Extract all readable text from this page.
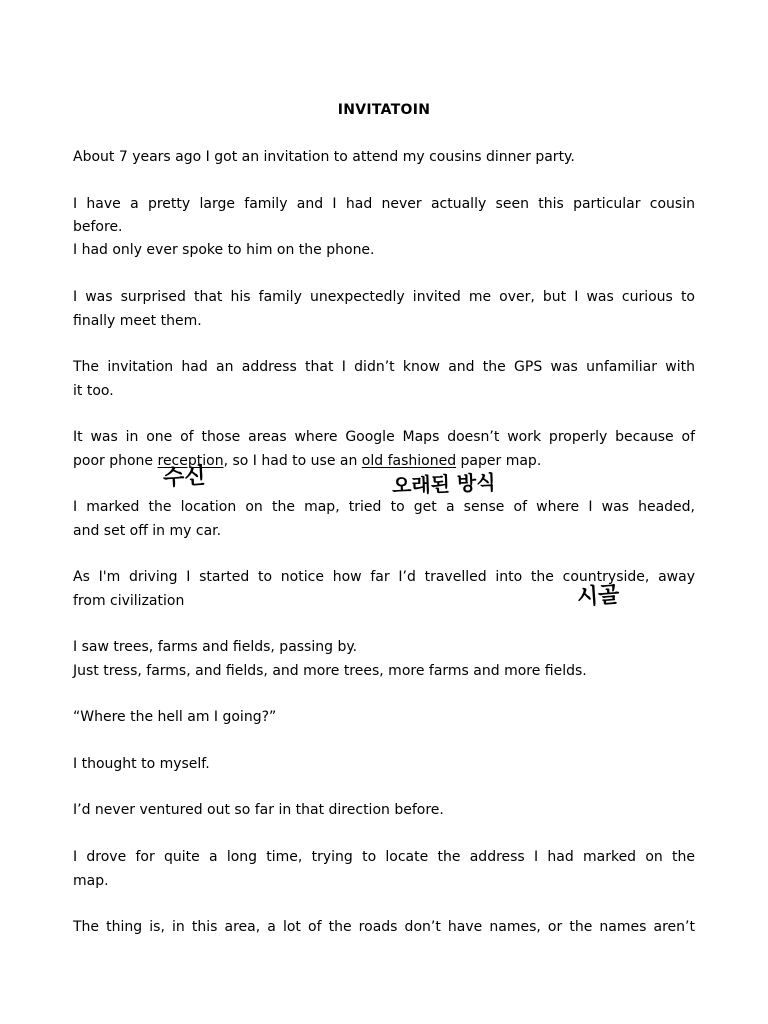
INVITATOIN
About 7 years ago I got an invitation to attend my cousins dinner party.
I have a pretty large family and I had never actually seen this particular cousin
before.
I had only ever spoke to him on the phone.
I was surprised that his family unexpectedly invited me over, but I was curious to
finally meet them.
The invitation had an address that I didn’t know and the GPS was unfamiliar with
it too.
It was in one of those areas where Google Maps doesn’t work properly because of
poor phone reception, so I had to use an old fashioned paper map.
수신	오래된 방식
I marked the location on the map, tried to get a sense of where I was headed,
and set off in my car.
As I'm driving I started to notice how far I’d travelled into the countryside, away
from civilization	시골
I saw trees, farms and fields, passing by.
Just tress, farms, and fields, and more trees, more farms and more fields.
“Where the hell am I going?”
I thought to myself.
I’d never ventured out so far in that direction before.
I drove for quite a long time, trying to locate the address I had marked on the
map.
The thing is, in this area, a lot of the roads don’t have names, or the names aren’t
